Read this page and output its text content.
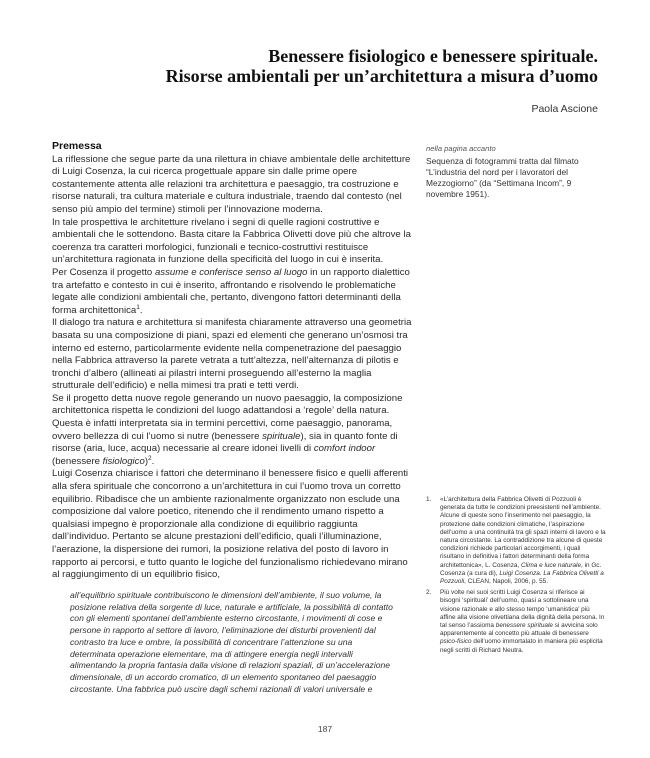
Benessere fisiologico e benessere spirituale.
Risorse ambientali per un’architettura a misura d’uomo
Paola Ascione
Premessa

La riflessione che segue parte da una rilettura in chiave ambientale delle architetture di Luigi Cosenza, la cui ricerca progettuale appare sin dalle prime opere costantemente attenta alle relazioni tra architettura e paesaggio, tra costruzione e risorse naturali, tra cultura materiale e cultura industriale, traendo dal contesto (nel senso più ampio del termine) stimoli per l’innovazione moderna.

In tale prospettiva le architetture rivelano i segni di quelle ragioni costruttive e ambientali che le sottendono. Basta citare la Fabbrica Olivetti dove più che altrove la coerenza tra caratteri morfologici, funzionali e tecnico-costruttivi restituisce un’architettura ragionata in funzione della specificità del luogo in cui è inserita.

Per Cosenza il progetto assume e conferisce senso al luogo in un rapporto dialettico tra artefatto e contesto in cui è inserito, affrontando e risolvendo le problematiche legate alle condizioni ambientali che, pertanto, divengono fattori determinanti della forma architettonica$^1$.

Il dialogo tra natura e architettura si manifesta chiaramente attraverso una geometria basata su una composizione di piani, spazi ed elementi che generano un’osmosi tra interno ed esterno, particolarmente evidente nella compenetrazione del paesaggio nella Fabbrica attraverso la parete vetrata a tutt’altezza, nell’alternanza di pilotis e tronchi d’albero (allineati ai pilastri interni proseguendo all’esterno la maglia strutturale dell’edificio) e nella mimesi tra prati e tetti verdi.

Se il progetto detta nuove regole generando un nuovo paesaggio, la composizione architettonica rispetta le condizioni del luogo adattandosi a ‘regole’ della natura. Questa è infatti interpretata sia in termini percettivi, come paesaggio, panorama, ovvero bellezza di cui l’uomo si nutre (benessere spirituale), sia in quanto fonte di risorse (aria, luce, acqua) necessarie al creare idonei livelli di comfort indoor (benessere fisiologico)$^2$.

Luigi Cosenza chiarisce i fattori che determinano il benessere fisico e quelli afferenti alla sfera spirituale che concorrono a un’architettura in cui l’uomo trova un corretto equilibrio. Ribadisce che un ambiente razionalmente organizzato non esclude una composizione dal valore poetico, ritenendo che il rendimento umano rispetto a qualsiasi impegno è proporzionale alla condizione di equilibrio raggiunta dall’individuo. Pertanto se alcune prestazioni dell’edificio, quali l’illuminazione, l’aerazione, la dispersione dei rumori, la posizione relativa del posto di lavoro in rapporto ai percorsi, e tutto quanto le logiche del funzionalismo richiedevano mirano al raggiungimento di un equilibrio fisico,

all’equilibrio spirituale contribuiscono le dimensioni dell’ambiente, il suo volume, la posizione relativa della sorgente di luce, naturale e artificiale, la possibilità di contatto con gli elementi spontanei dell’ambiente esterno circostante, i movimenti di cose e persone in rapporto al settore di lavoro, l’eliminazione dei disturbi provenienti dal contrasto tra luce e ombre, la possibilità di concentrare l’attenzione su una determinata operazione elementare, ma di attingere energia negli intervalli alimentando la propria fantasia dalla visione di relazioni spaziali, di un’accelerazione dimensionale, di un accordo cromatico, di un elemento spontaneo del paesaggio circostante. Una fabbrica può uscire dagli schemi razionali di valori universale e
nella pagina accanto
Sequenza di fotogrammi tratta dal filmato “L’industria del nord per i lavoratori del Mezzogiorno” (da “Settimana Incom”, 9 novembre 1951).
1.	«L’architettura della Fabbrica Olivetti di Pozzuoli è generata da tutte le condizioni preesistenti nell’ambiente. Alcune di queste sono l’inserimento nel paesaggio, la protezione dalle condizioni climatiche, l’aspirazione dell’uomo a una continuità tra gli spazi interni di lavoro e la natura circostante. La contraddizione tra alcune di queste condizioni richiede particolari accorgimenti, i quali risultano in definitiva i fattori determinanti della forma architettonica», L. Cosenza, Clima e luce naturale, in Gc. Cosenza (a cura di), Luigi Cosenza. La Fabbrica Olivetti a Pozzuoli, CLEAN, Napoli, 2006, p. 55.
2.	Più volte nei suoi scritti Luigi Cosenza si riferisce ai bisogni ‘spirituali’ dell’uomo, quasi a sottolineare una visione razionale e allo stesso tempo ‘umanistica’ più affine alla visione olivettiana della dignità della persona. In tal senso l’assioma benessere spirituale si avvicina solo apparentemente al concetto più attuale di benessere psico-fisico dell’uomo immortalato in maniera più esplicita negli scritti di Richard Neutra.
187
